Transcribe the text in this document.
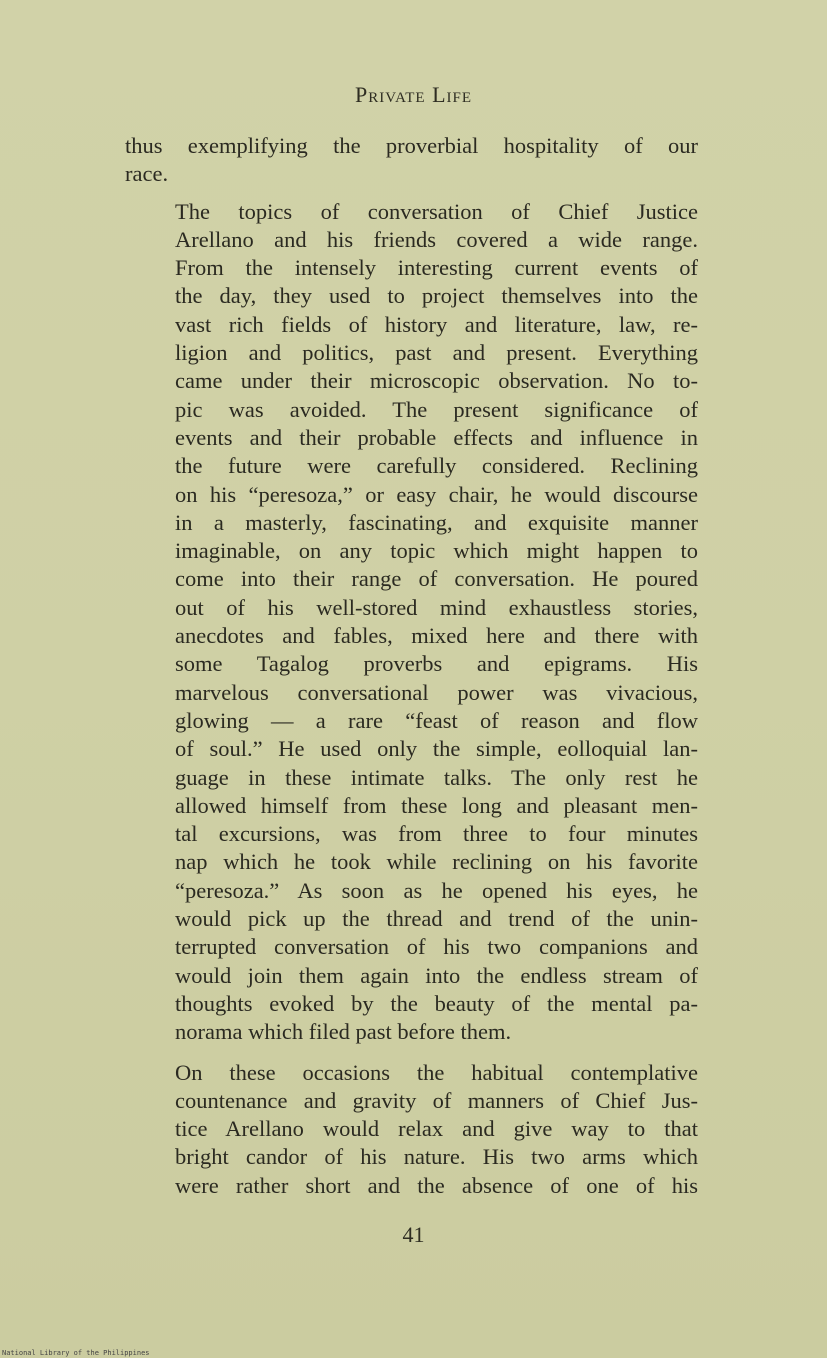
Private Life

thus exemplifying the proverbial hospitality of our
race.

The topics of conversation of Chief Justice
Arellano and his friends covered a wide range.
From the intensely interesting current events of
the day, they used to project themselves into the
vast rich fields of history and literature, law, re-
ligion and politics, past and present. Everything
came under their microscopic observation. No to-
pic was avoided. The present significance of
events and their probable effects and influence in
the future were carefully considered. Reclining
on his “peresoza,” or easy chair, he would discourse
in a masterly, fascinating, and exquisite manner
imaginable, on any topic which might happen to
come into their range of conversation. He poured
out of his well-stored mind exhaustless stories,
anecdotes and fables, mixed here and there with
some Tagalog proverbs and epigrams. His
marvelous conversational power was vivacious,
glowing — a rare “feast of reason and flow
of soul.” He used only the simple, eolloquial lan-
guage in these intimate talks. The only rest he
allowed himself from these long and pleasant men-
tal excursions, was from three to four minutes
nap which he took while reclining on his favorite
“peresoza.” As soon as he opened his eyes, he
would pick up the thread and trend of the unin-
terrupted conversation of his two companions and
would join them again into the endless stream of
thoughts evoked by the beauty of the mental pa-
norama which filed past before them.

On these occasions the habitual contemplative
countenance and gravity of manners of Chief Jus-
tice Arellano would relax and give way to that
bright candor of his nature. His two arms which
were rather short and the absence of one of his

41
National Library of the Philippines
